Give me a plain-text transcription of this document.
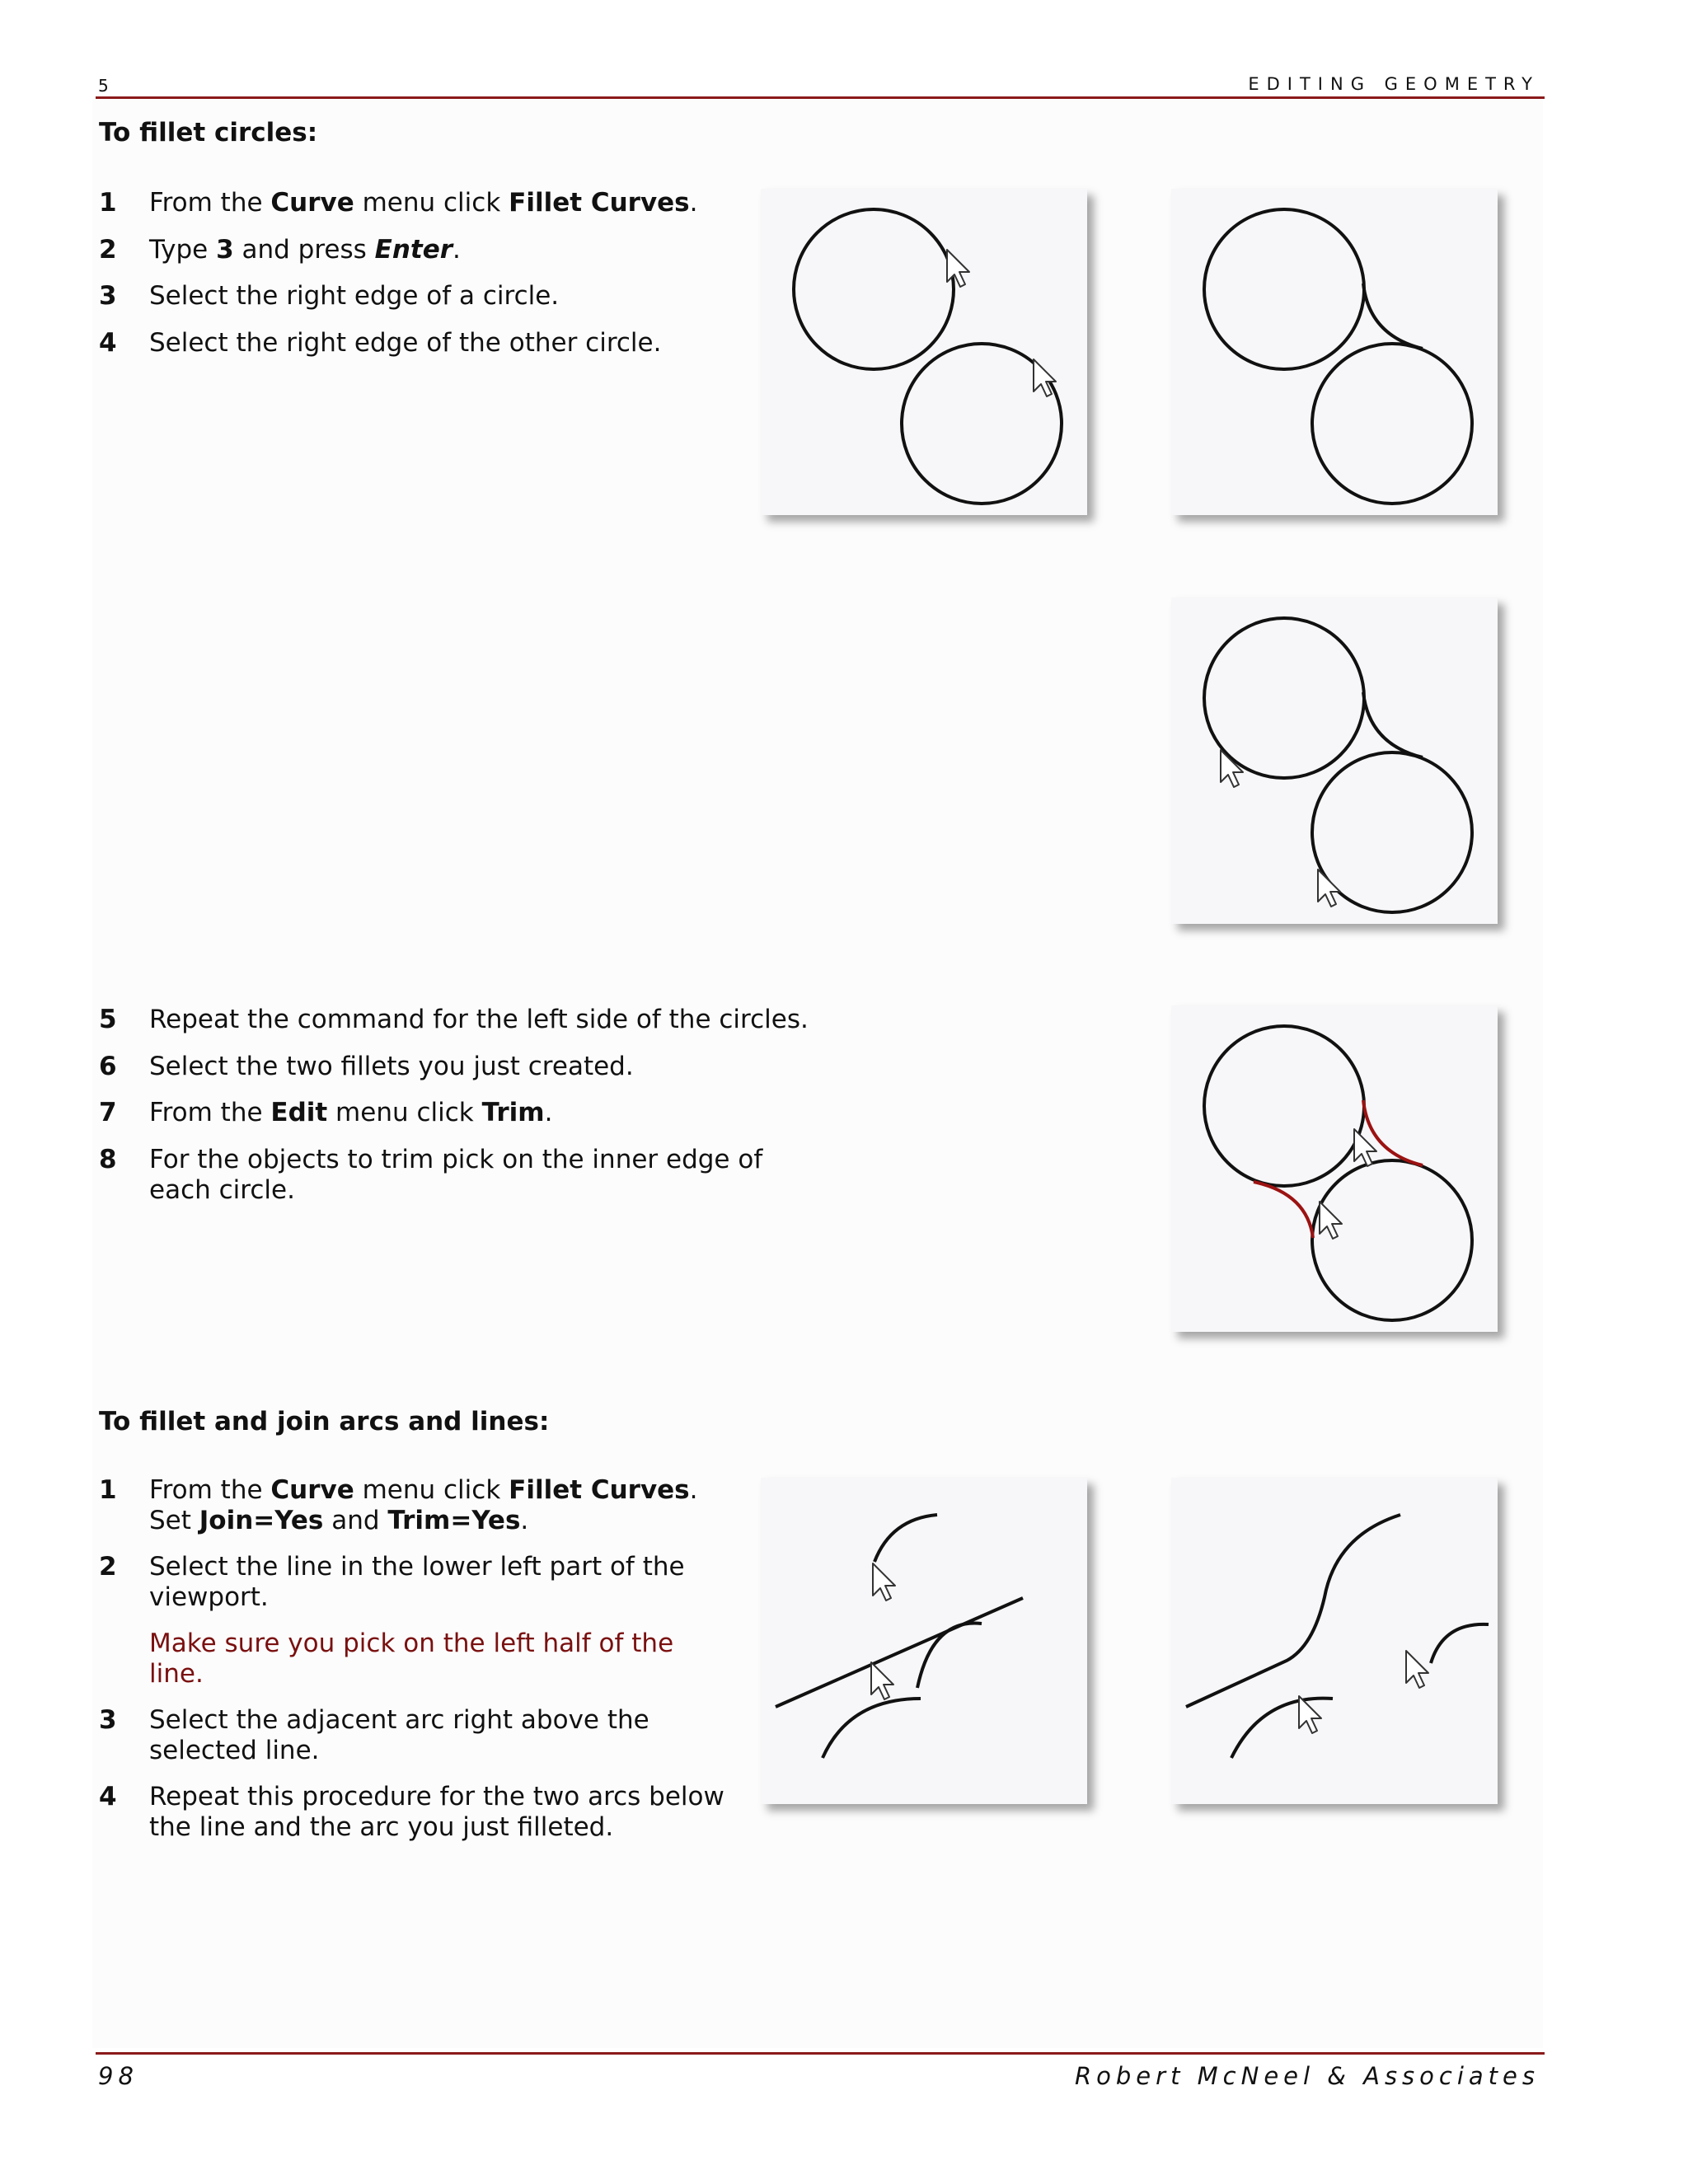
5	EDITING GEOMETRY
To fillet circles:
1	From the Curve menu click Fillet Curves.
2	Type 3 and press Enter.
3	Select the right edge of a circle.
4	Select the right edge of the other circle.
5	Repeat the command for the left side of the circles.
6	Select the two fillets you just created.
7	From the Edit menu click Trim.
8	For the objects to trim pick on the inner edge of each circle.
To fillet and join arcs and lines:
1	From the Curve menu click Fillet Curves.
Set Join=Yes and Trim=Yes.
2	Select the line in the lower left part of the viewport.
Make sure you pick on the left half of the line.
3	Select the adjacent arc right above the selected line.
4	Repeat this procedure for the two arcs below the line and the arc you just filleted.
98	Robert McNeel & Associates
